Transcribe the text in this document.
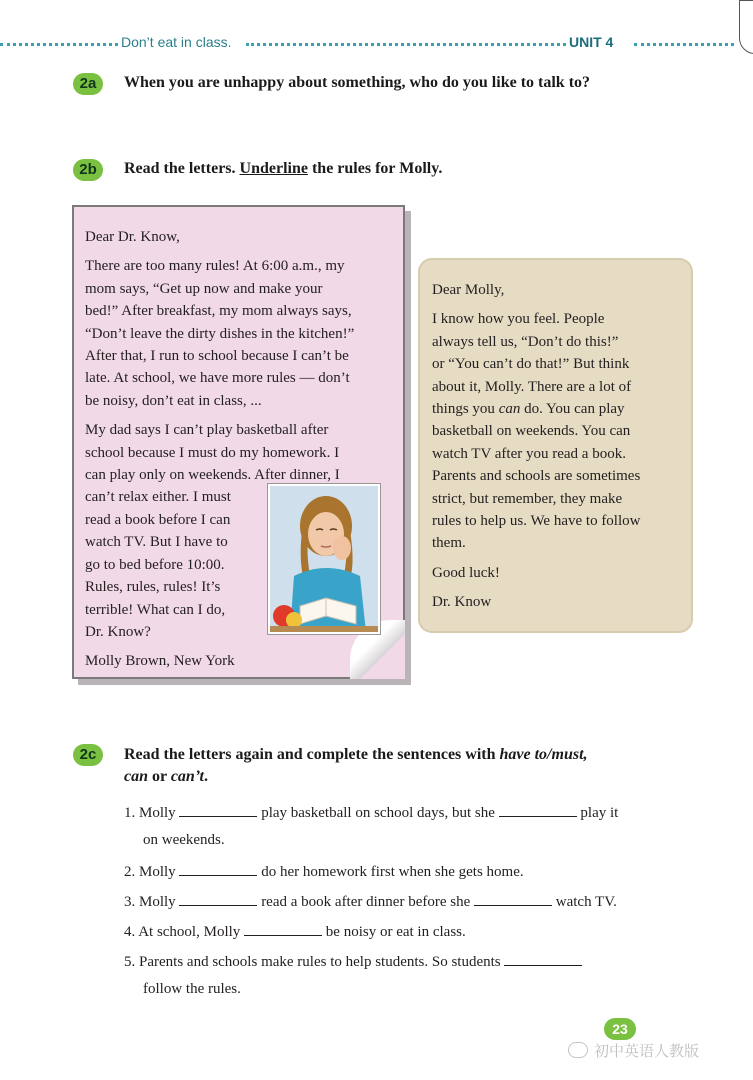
Don’t eat in class.	UNIT 4
2a	When you are unhappy about something, who do you like to talk to?
2b	Read the letters. Underline the rules for Molly.

Dear Dr. Know,

There are too many rules! At 6:00 a.m., my

mom says, “Get up now and make your

bed!” After breakfast, my mom always says,

“Don’t leave the dirty dishes in the kitchen!”

After that, I run to school because I can’t be

late. At school, we have more rules — don’t

be noisy, don’t eat in class, ...

My dad says I can’t play basketball after

school because I must do my homework. I

can play only on weekends. After dinner, I

can’t relax either. I must

read a book before I can

watch TV. But I have to

go to bed before 10:00.

Rules, rules, rules! It’s

terrible! What can I do,

Dr. Know?

Molly Brown, New York

Dear Molly,

I know how you feel. People

always tell us, “Don’t do this!”

or “You can’t do that!” But think

about it, Molly. There are a lot of

things you can do. You can play

basketball on weekends. You can

watch TV after you read a book.

Parents and schools are sometimes

strict, but remember, they make

rules to help us. We have to follow

them.

Good luck!

Dr. Know

2c	Read the letters again and complete the sentences with have to/must,
can or can’t.
1. Molly	play basketball on school days, but she	play it
on weekends.
2. Molly	do her homework first when she gets home.
3. Molly	read a book after dinner before she	watch TV.
4. At school, Molly	be noisy or eat in class.
5. Parents and schools make rules to help students. So students
follow the rules.
23
初中英语人教版
